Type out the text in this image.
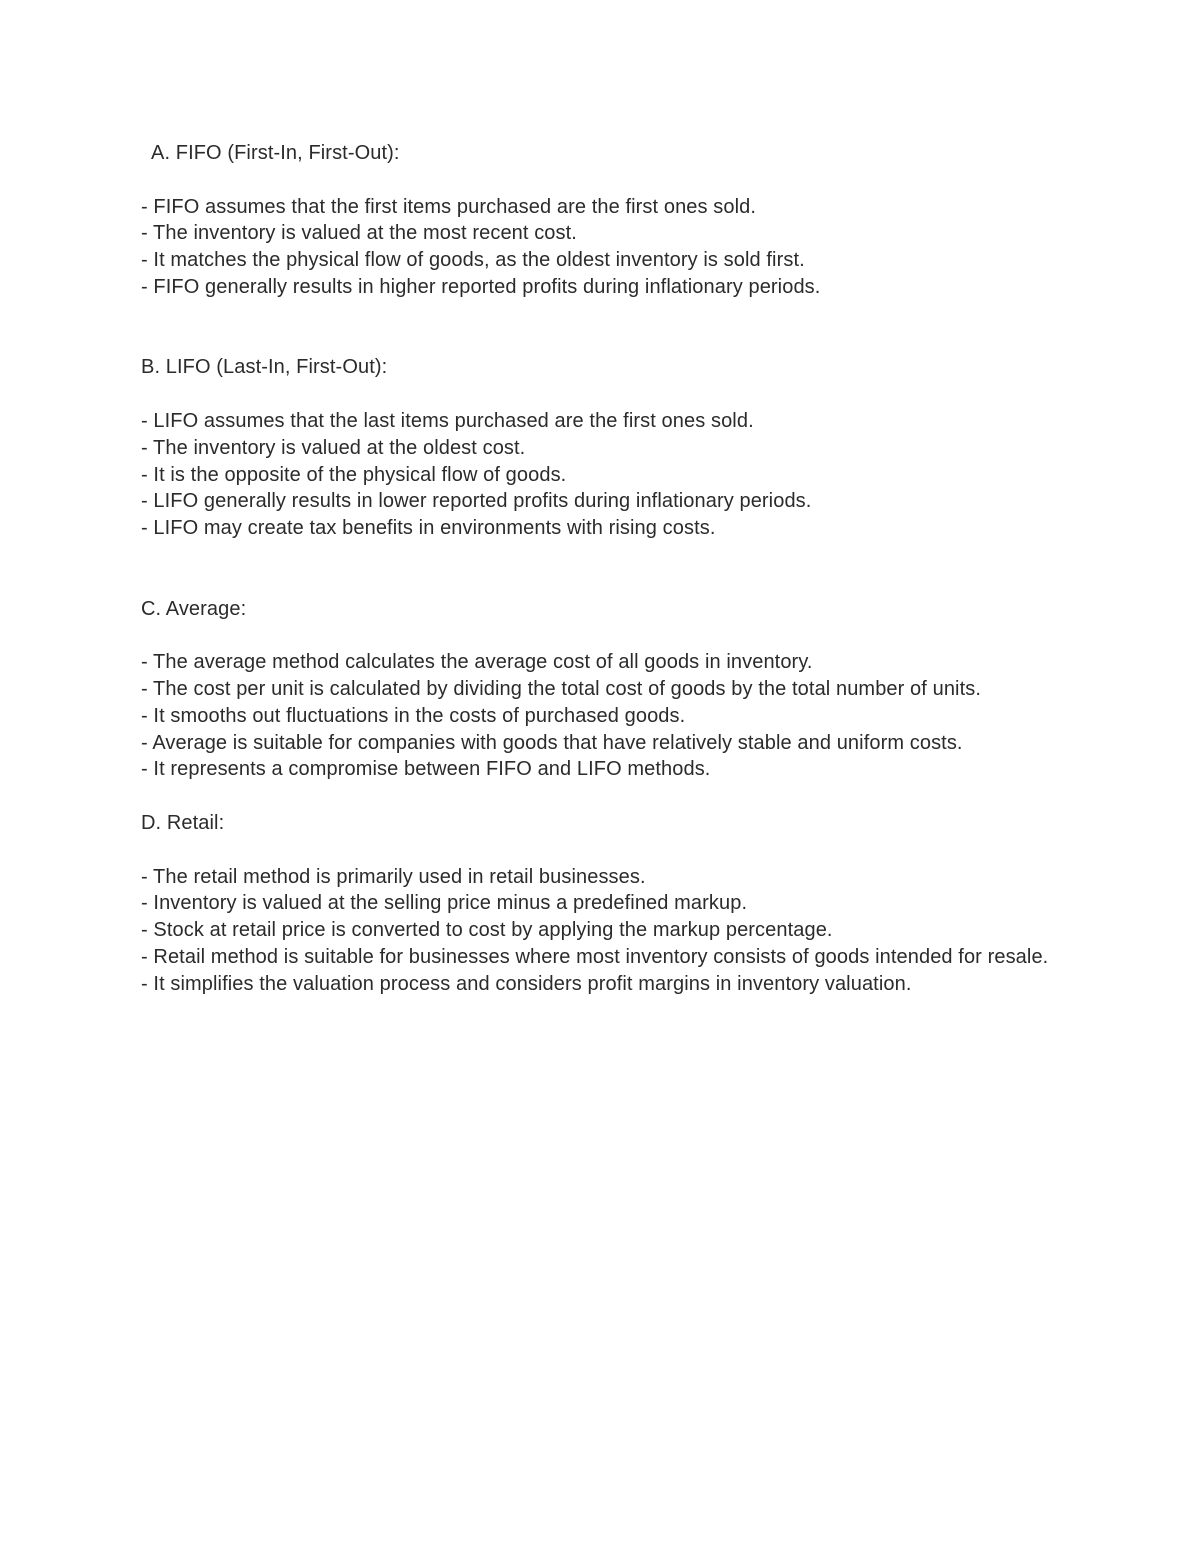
A. FIFO (First-In, First-Out):

- FIFO assumes that the first items purchased are the first ones sold.
- The inventory is valued at the most recent cost.
- It matches the physical flow of goods, as the oldest inventory is sold first.
- FIFO generally results in higher reported profits during inflationary periods.

B. LIFO (Last-In, First-Out):

- LIFO assumes that the last items purchased are the first ones sold.
- The inventory is valued at the oldest cost.
- It is the opposite of the physical flow of goods.
- LIFO generally results in lower reported profits during inflationary periods.
- LIFO may create tax benefits in environments with rising costs.

C. Average:

- The average method calculates the average cost of all goods in inventory.
- The cost per unit is calculated by dividing the total cost of goods by the total number of units.
- It smooths out fluctuations in the costs of purchased goods.
- Average is suitable for companies with goods that have relatively stable and uniform costs.
- It represents a compromise between FIFO and LIFO methods.

D. Retail:

- The retail method is primarily used in retail businesses.
- Inventory is valued at the selling price minus a predefined markup.
- Stock at retail price is converted to cost by applying the markup percentage.
- Retail method is suitable for businesses where most inventory consists of goods intended for resale.
- It simplifies the valuation process and considers profit margins in inventory valuation.
